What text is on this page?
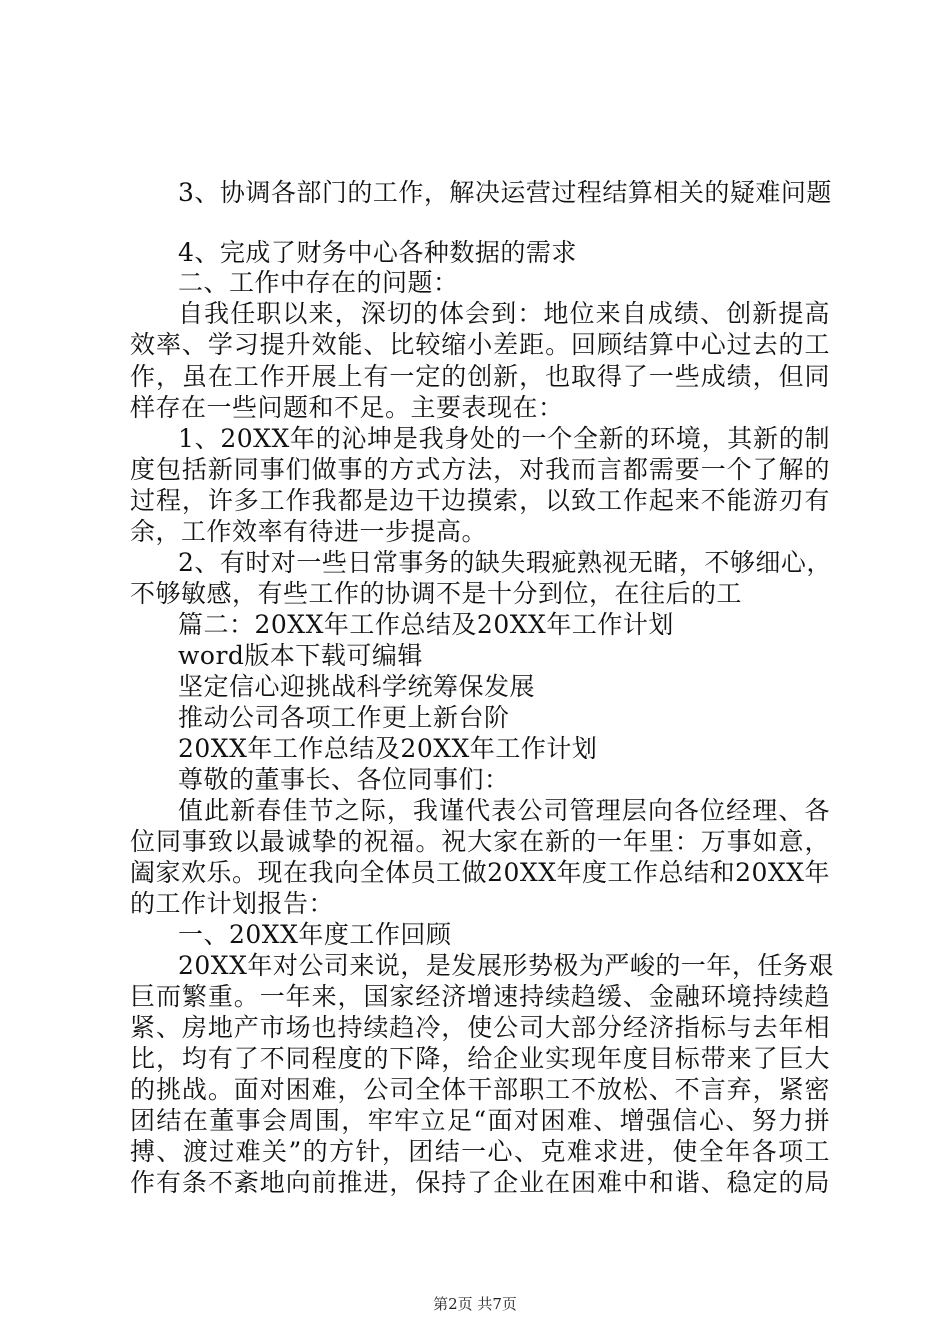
3、协调各部门的工作，解决运营过程结算相关的疑难问题
4、完成了财务中心各种数据的需求
二、工作中存在的问题：
自我任职以来，深切的体会到：地位来自成绩、创新提高
效率、学习提升效能、比较缩小差距。回顾结算中心过去的工
作，虽在工作开展上有一定的创新，也取得了一些成绩，但同
样存在一些问题和不足。主要表现在：
1、20XX年的沁坤是我身处的一个全新的环境，其新的制
度包括新同事们做事的方式方法，对我而言都需要一个了解的
过程，许多工作我都是边干边摸索，以致工作起来不能游刃有
余，工作效率有待进一步提高。
2、有时对一些日常事务的缺失瑕疵熟视无睹，不够细心，
不够敏感，有些工作的协调不是十分到位，在往后的工
篇二：20XX年工作总结及20XX年工作计划
word版本下载可编辑
坚定信心迎挑战科学统筹保发展
推动公司各项工作更上新台阶
20XX年工作总结及20XX年工作计划
尊敬的董事长、各位同事们：
值此新春佳节之际，我谨代表公司管理层向各位经理、各
位同事致以最诚挚的祝福。祝大家在新的一年里：万事如意，
阖家欢乐。现在我向全体员工做20XX年度工作总结和20XX年
的工作计划报告：
一、20XX年度工作回顾
20XX年对公司来说，是发展形势极为严峻的一年，任务艰
巨而繁重。一年来，国家经济增速持续趋缓、金融环境持续趋
紧、房地产市场也持续趋冷，使公司大部分经济指标与去年相
比，均有了不同程度的下降，给企业实现年度目标带来了巨大
的挑战。面对困难，公司全体干部职工不放松、不言弃，紧密
团结在董事会周围，牢牢立足“面对困难、增强信心、努力拼
搏、渡过难关”的方针，团结一心、克难求进，使全年各项工
作有条不紊地向前推进，保持了企业在困难中和谐、稳定的局
第2页 共7页
